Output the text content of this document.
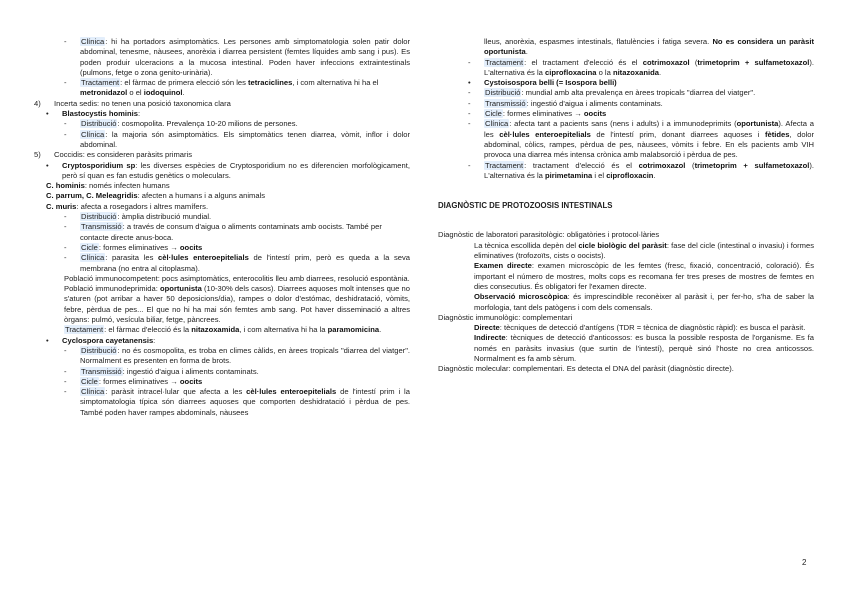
-	Clínica: hi ha portadors asimptomàtics. Les persones amb simptomatologia solen patir dolor abdominal, tenesme, nàusees, anorèxia i diarrea persistent (femtes líquides amb sang i pus). Es poden produir ulceracions a la mucosa intestinal. Poden haver infeccions extraintestinals (pulmons, fetge o zona genito-urinària).
-	Tractament: el fàrmac de primera elecció són les tetraciclines, i com alternativa hi ha el metronidazol o el iodoquinol.
4)	Incerta sedis: no tenen una posició taxonomica clara
•	Blastocystis hominis:
-	Distribució: cosmopolita. Prevalença 10-20 milions de persones.
-	Clínica: la majoria són asimptomàtics. Els simptomàtics tenen diarrea, vòmit, inflor i dolor abdominal.
5)	Coccidis: es consideren paràsits primaris
•	Cryptosporidium sp: les diverses espècies de Cryptosporidium no es diferencien morfològicament, però sí quan es fan estudis genètics o moleculars.
C. hominis: només infecten humans
C. parrum, C. Meleagridis: afecten a humans i a alguns animals
C. muris: afecta a rosegadors i altres mamífers.
-	Distribució: àmplia distribució mundial.
-	Transmissió: a través de consum d'aigua o aliments contaminats amb oocists. També per contacte directe anus-boca.
-	Cicle: formes eliminatives → oocits
-	Clínica: parasita les cèl·lules enteroepitelials de l'intestí prim, però es queda a la seva membrana (no entra al citoplasma).
Població immunocompetent: pocs asimptomàtics, enterocolitis lleu amb diarrees, resolució espontània.
Població immunodeprimida: oportunista (10-30% dels casos). Diarrees aquoses molt intenses que no s'aturen (pot arribar a haver 50 deposicions/dia), rampes o dolor d'estómac, deshidratació, vòmits, febre, pèrdua de pes... El que no hi ha mai són femtes amb sang. Pot haver disseminació a altres òrgans: pulmó, vesícula biliar, fetge, pàncrees.
Tractament: el fàrmac d'elecció és la nitazoxamida, i com alternativa hi ha la paramomicina.
•	Cyclospora cayetanensis:
-	Distribució: no és cosmopolita, es troba en climes càlids, en àrees tropicals "diarrea del viatger". Normalment es presenten en forma de brots.
-	Transmissió: ingestió d'aigua i aliments contaminats.
-	Cicle: formes eliminatives → oocits
-	Clínica: paràsit intracel·lular que afecta a les cèl·lules enteroepitelials de l'intestí prim i la simptomatologia típica són diarrees aquoses que comporten deshidratació i pèrdua de pes. També poden haver rampes abdominals, nàusees
lleus, anorèxia, espasmes intestinals, flatulències i fatiga severa. No es considera un paràsit oportunista.
-	Tractament: el tractament d'elecció és el cotrimoxazol (trimetoprim + sulfametoxazol). L'alternativa és la ciprofloxacina o la nitazoxanida.
•	Cystoisospora belli (= Isospora belli)
-	Distribució: mundial amb alta prevalença en àrees tropicals "diarrea del viatger".
-	Transmissió: ingestió d'aigua i aliments contaminats.
-	Cicle: formes eliminatives → oocits
-	Clínica: afecta tant a pacients sans (nens i adults) i a immunodeprimits (oportunista). Afecta a les cèl·lules enteroepitelials de l'intestí prim, donant diarrees aquoses i fètides, dolor abdominal, còlics, rampes, pèrdua de pes, nàusees, vòmits i febre. En els pacients amb VIH provoca una diarrea més intensa crònica amb malabsorció i pèrdua de pes.
-	Tractament: tractament d'elecció és el cotrimoxazol (trimetoprim + sulfametoxazol). L'alternativa és la pirimetamina i el ciprofloxacin.
DIAGNÒSTIC DE PROTOZOOSIS INTESTINALS
Diagnòstic de laboratori parasitològic: obligatòries i protocol·làries
La tècnica escollida depèn del cicle biològic del paràsit: fase del cicle (intestinal o invasiu) i formes eliminatives (trofozoïts, cists o oocists).
Examen directe: examen microscòpic de les femtes (fresc, fixació, concentració, coloració). És important el número de mostres, molts cops es recomana fer tres preses de mostres de femtes en dies consecutius. És obligatori fer l'examen directe.
Observació microscòpica: és imprescindible reconèixer al paràsit i, per fer-ho, s'ha de saber la morfologia, tant dels patògens i com dels comensals.
Diagnòstic immunològic: complementari
Directe: tècniques de detecció d'antígens (TDR = tècnica de diagnòstic ràpid): es busca el paràsit.
Indirecte: tècniques de detecció d'anticossos: es busca la possible resposta de l'organisme. Es fa només en paràsits invasius (que surtin de l'intestí), perquè sinó l'hoste no crea anticossos. Normalment es fa amb sèrum.
Diagnòstic molecular: complementari. Es detecta el DNA del paràsit (diagnòstic directe).
2
